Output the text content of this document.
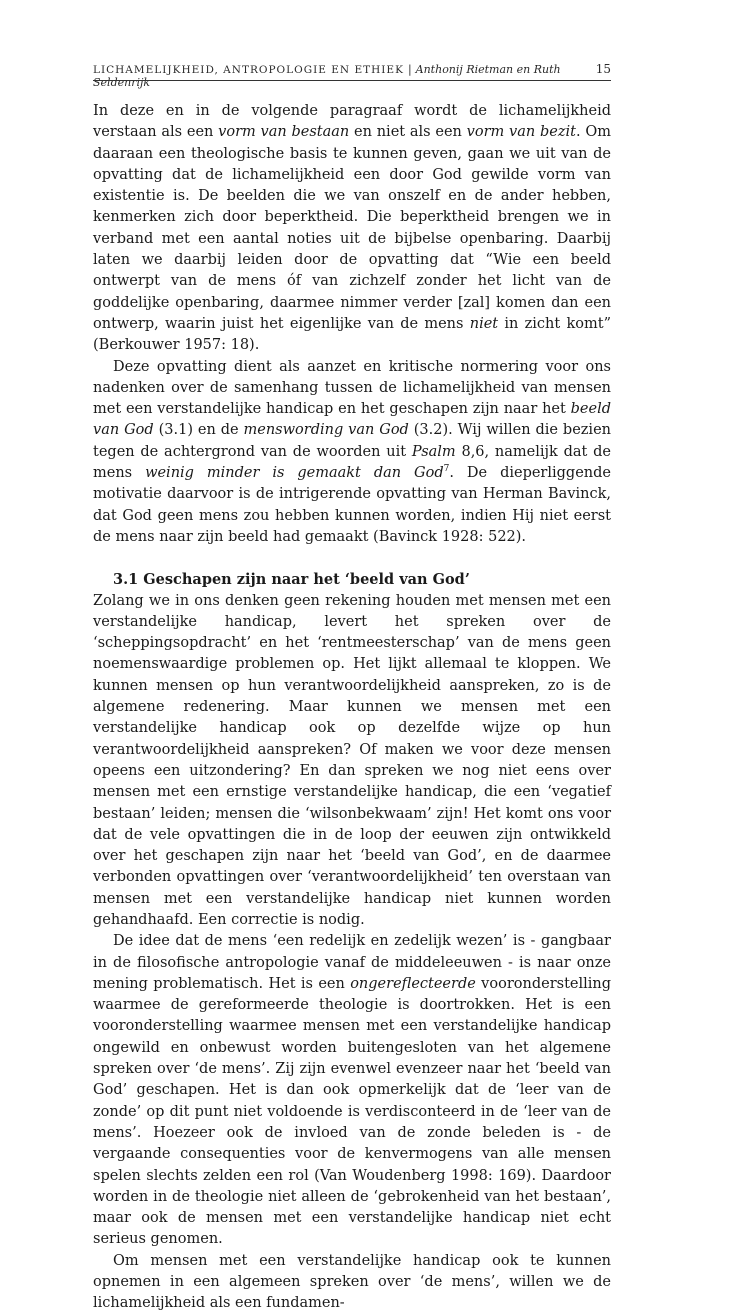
LICHAMELIJKHEID, ANTROPOLOGIE EN ETHIEK | Anthonij Rietman en Ruth Seldenrijk
15

In deze en in de volgende paragraaf wordt de lichamelijkheid verstaan als een vorm van bestaan en niet als een vorm van bezit. Om daaraan een theologische basis te kunnen geven, gaan we uit van de opvatting dat de lichamelijkheid een door God gewilde vorm van existentie is. De beelden die we van onszelf en de ander hebben, kenmerken zich door beperktheid. Die beperktheid brengen we in verband met een aantal noties uit de bijbelse openbaring. Daarbij laten we daarbij leiden door de opvatting dat “Wie een beeld ontwerpt van de mens óf van zichzelf zonder het licht van de goddelijke openbaring, daarmee nimmer verder [zal] komen dan een ontwerp, waarin juist het eigenlijke van de mens niet in zicht komt” (Berkouwer 1957: 18).

Deze opvatting dient als aanzet en kritische normering voor ons nadenken over de samenhang tussen de lichamelijkheid van mensen met een verstandelijke handicap en het geschapen zijn naar het beeld van God (3.1) en de menswording van God (3.2). Wij willen die bezien tegen de achtergrond van de woorden uit Psalm 8,6, namelijk dat de mens weinig minder is gemaakt dan God$^7$. De dieperliggende motivatie daarvoor is de intrigerende opvatting van Herman Bavinck, dat God geen mens zou hebben kunnen worden, indien Hij niet eerst de mens naar zijn beeld had gemaakt (Bavinck 1928: 522).

3.1 Geschapen zijn naar het ‘beeld van God’

Zolang we in ons denken geen rekening houden met mensen met een verstandelijke handicap, levert het spreken over de ‘scheppingsopdracht’ en het ‘rentmeesterschap’ van de mens geen noemenswaardige problemen op. Het lijkt allemaal te kloppen. We kunnen mensen op hun verantwoordelijkheid aanspreken, zo is de algemene redenering. Maar kunnen we mensen met een verstandelijke handicap ook op dezelfde wijze op hun verantwoordelijkheid aanspreken? Of maken we voor deze mensen opeens een uitzondering? En dan spreken we nog niet eens over mensen met een ernstige verstandelijke handicap, die een ‘vegatief bestaan’ leiden; mensen die ‘wilsonbekwaam’ zijn! Het komt ons voor dat de vele opvattingen die in de loop der eeuwen zijn ontwikkeld over het geschapen zijn naar het ‘beeld van God’, en de daarmee verbonden opvattingen over ‘verantwoordelijkheid’ ten overstaan van mensen met een verstandelijke handicap niet kunnen worden gehandhaafd. Een correctie is nodig.

De idee dat de mens ‘een redelijk en zedelijk wezen’ is - gangbaar in de filosofische antropologie vanaf de middeleeuwen - is naar onze mening problematisch. Het is een ongereflecteerde vooronderstelling waarmee de gereformeerde theologie is doortrokken. Het is een vooronderstelling waarmee mensen met een verstandelijke handicap ongewild en onbewust worden buitengesloten van het algemene spreken over ‘de mens’. Zij zijn evenwel evenzeer naar het ‘beeld van God’ geschapen. Het is dan ook opmerkelijk dat de ‘leer van de zonde’ op dit punt niet voldoende is verdisconteerd in de ‘leer van de mens’. Hoezeer ook de invloed van de zonde beleden is - de vergaande consequenties voor de kenvermogens van alle mensen spelen slechts zelden een rol (Van Woudenberg 1998: 169). Daardoor worden in de theologie niet alleen de ‘gebrokenheid van het bestaan’, maar ook de mensen met een verstandelijke handicap niet echt serieus genomen.

Om mensen met een verstandelijke handicap ook te kunnen opnemen in een algemeen spreken over ‘de mens’, willen we de lichamelijkheid als een fundamen-
